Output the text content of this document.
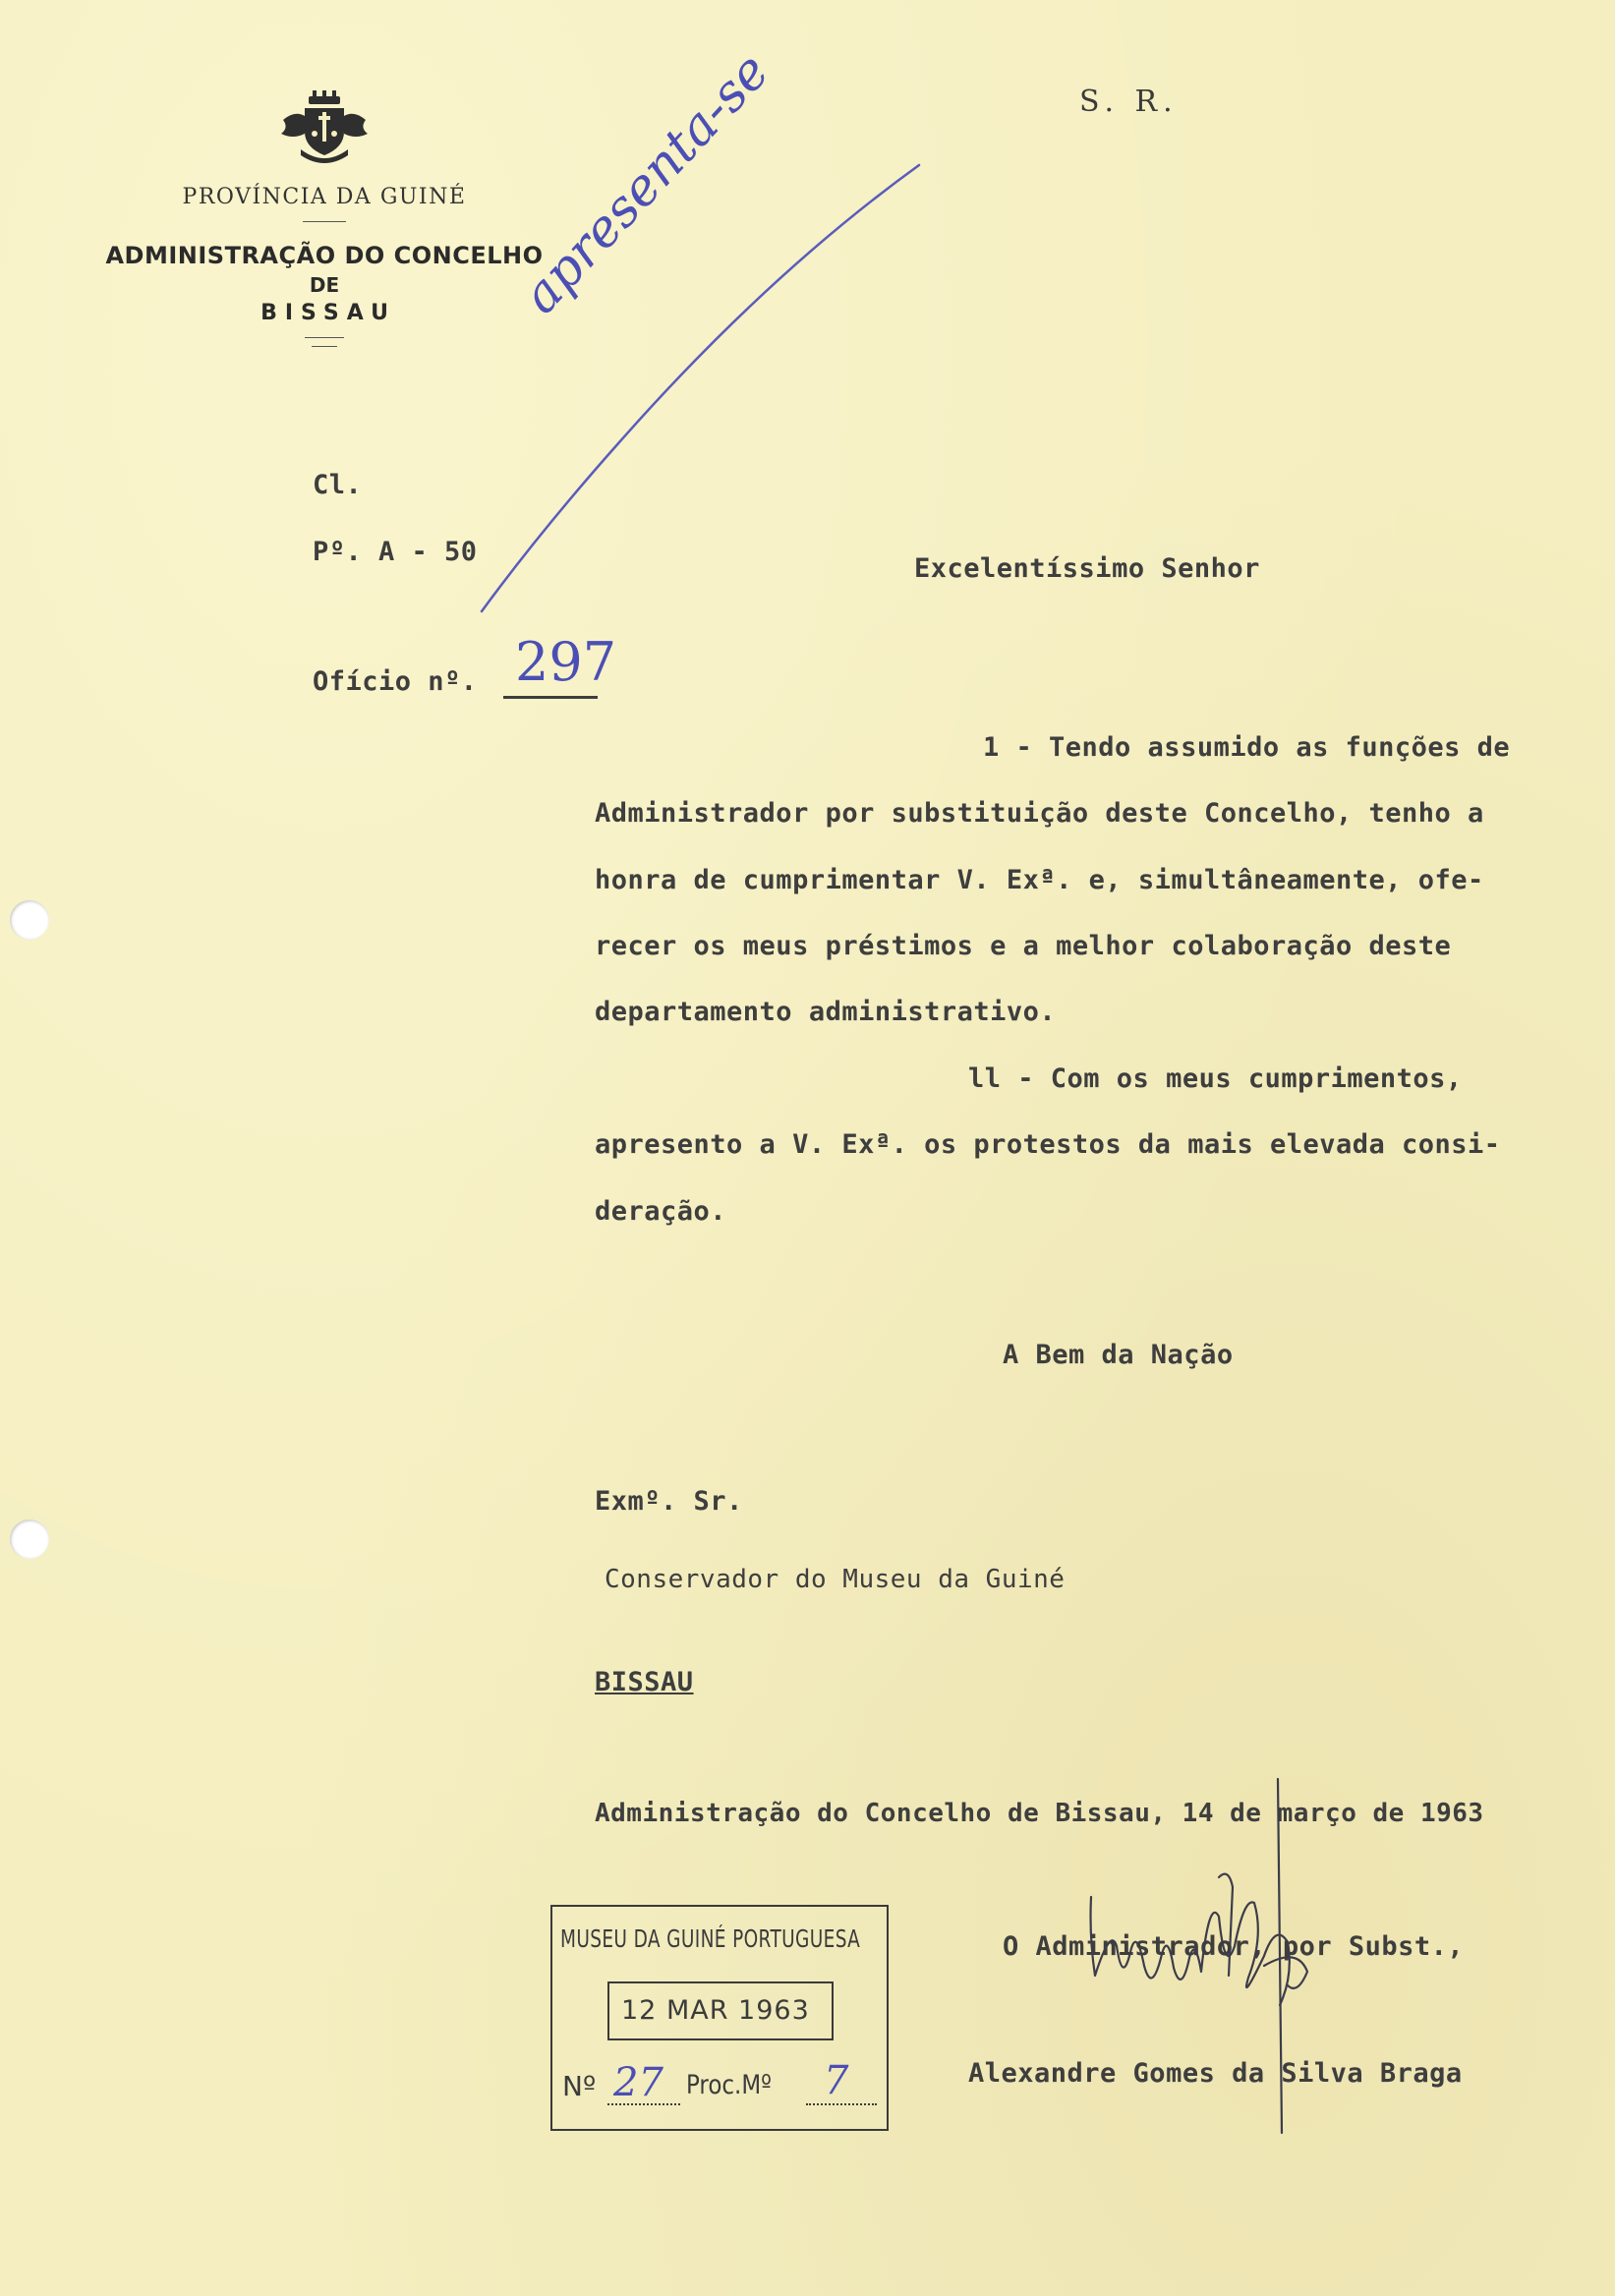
PROVÍNCIA DA GUINÉ
ADMINISTRAÇÃO DO CONCELHO
DE
BISSAU
S. R.
apresenta-se
Cl.
Pº. A - 50
Ofício nº. 297
Excelentíssimo Senhor
1 - Tendo assumido as funções de
Administrador por substituição deste Concelho, tenho a
honra de cumprimentar V. Exª. e, simultâneamente, ofe-
recer os meus préstimos e a melhor colaboração deste
departamento administrativo.
ll - Com os meus cumprimentos,
apresento a V. Exª. os protestos da mais elevada consi-
deração.
A Bem da Nação
Exmº. Sr.
Conservador do Museu da Guiné
BISSAU
Administração do Concelho de Bissau, 14 de março de 1963
O Administrador, por Subst.,
Alexandre Gomes da Silva Braga
MUSEU DA GUINÉ PORTUGUESA
12 MAR 1963
Nº 27 Proc.Mº 7
